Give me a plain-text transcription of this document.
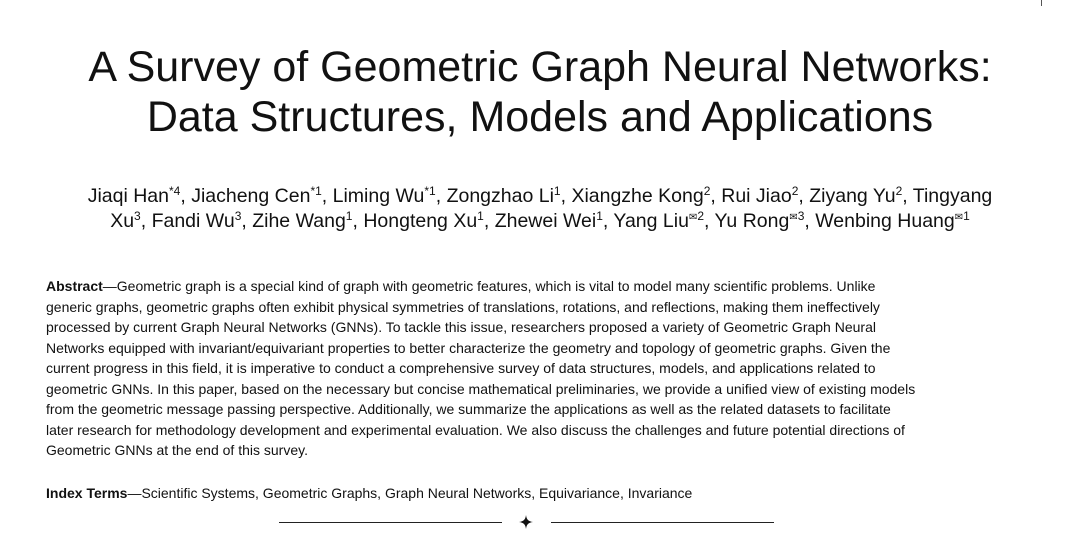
A Survey of Geometric Graph Neural Networks:
Data Structures, Models and Applications
Jiaqi Han$^{*4}$, Jiacheng Cen$^{*1}$, Liming Wu$^{*1}$, Zongzhao Li$^1$, Xiangzhe Kong$^2$, Rui Jiao$^2$, Ziyang Yu$^2$, Tingyang
Xu$^3$, Fandi Wu$^3$, Zihe Wang$^1$, Hongteng Xu$^1$, Zhewei Wei$^1$, Yang Liu$^{✉2}$, Yu Rong$^{✉3}$, Wenbing Huang$^{✉1}$
Abstract—Geometric graph is a special kind of graph with geometric features, which is vital to model many scientific problems. Unlike
generic graphs, geometric graphs often exhibit physical symmetries of translations, rotations, and reflections, making them ineffectively
processed by current Graph Neural Networks (GNNs). To tackle this issue, researchers proposed a variety of Geometric Graph Neural
Networks equipped with invariant/equivariant properties to better characterize the geometry and topology of geometric graphs. Given the
current progress in this field, it is imperative to conduct a comprehensive survey of data structures, models, and applications related to
geometric GNNs. In this paper, based on the necessary but concise mathematical preliminaries, we provide a unified view of existing models
from the geometric message passing perspective. Additionally, we summarize the applications as well as the related datasets to facilitate
later research for methodology development and experimental evaluation. We also discuss the challenges and future potential directions of
Geometric GNNs at the end of this survey.
Index Terms—Scientific Systems, Geometric Graphs, Graph Neural Networks, Equivariance, Invariance
